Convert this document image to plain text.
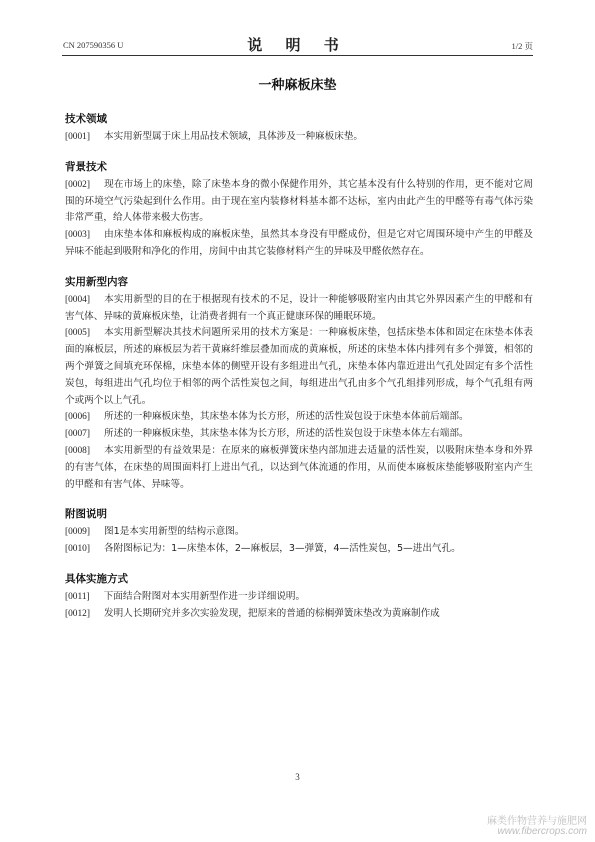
CN 207590356 U	说 明 书	1/2 页
一种麻板床垫
技术领域

[0001] 本实用新型属于床上用品技术领域，具体涉及一种麻板床垫。

背景技术

[0002] 现在市场上的床垫，除了床垫本身的微小保健作用外，其它基本没有什么特别的作用，更不能对它周围的环境空气污染起到什么作用。由于现在室内装修材料基本都不达标，室内由此产生的甲醛等有毒气体污染非常严重，给人体带来极大伤害。

[0003] 由床垫本体和麻板构成的麻板床垫，虽然其本身没有甲醛成份，但是它对它周围环境中产生的甲醛及异味不能起到吸附和净化的作用，房间中由其它装修材料产生的异味及甲醛依然存在。

实用新型内容

[0004] 本实用新型的目的在于根据现有技术的不足，设计一种能够吸附室内由其它外界因素产生的甲醛和有害气体、异味的黄麻板床垫，让消费者拥有一个真正健康环保的睡眠环境。

[0005] 本实用新型解决其技术问题所采用的技术方案是：一种麻板床垫，包括床垫本体和固定在床垫本体表面的麻板层，所述的麻板层为若干黄麻纤维层叠加而成的黄麻板，所述的床垫本体内排列有多个弹簧，相邻的两个弹簧之间填充环保棉，床垫本体的侧壁开设有多组进出气孔，床垫本体内靠近进出气孔处固定有多个活性炭包，每组进出气孔均位于相邻的两个活性炭包之间，每组进出气孔由多个气孔组排列形成，每个气孔组有两个或两个以上气孔。

[0006] 所述的一种麻板床垫，其床垫本体为长方形，所述的活性炭包设于床垫本体前后端部。

[0007] 所述的一种麻板床垫，其床垫本体为长方形，所述的活性炭包设于床垫本体左右端部。

[0008] 本实用新型的有益效果是：在原来的麻板弹簧床垫内部加进去适量的活性炭，以吸附床垫本身和外界的有害气体，在床垫的周围面料打上进出气孔，以达到气体流通的作用，从而使本麻板床垫能够吸附室内产生的甲醛和有害气体、异味等。

附图说明

[0009] 图1是本实用新型的结构示意图。

[0010] 各附图标记为：1—床垫本体，2—麻板层，3—弹簧，4—活性炭包，5—进出气孔。

具体实施方式

[0011] 下面结合附图对本实用新型作进一步详细说明。

[0012] 发明人长期研究并多次实验发现，把原来的普通的棕榈弹簧床垫改为黄麻制作成

3
麻类作物营养与施肥网
www.fibercrops.com
